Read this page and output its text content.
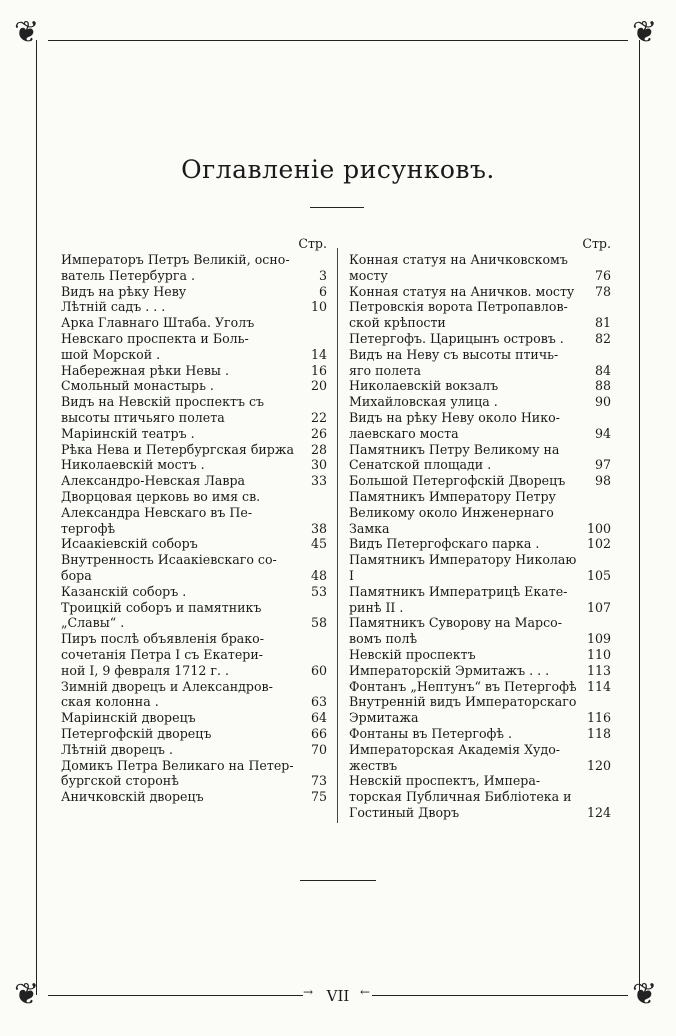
❦	❦
❦	❦
Оглавленіе рисунковъ.
Стр.
Императоръ Петръ Великій, осно-
ватель Петербурга .	3
Видъ на рѣку Неву	6
Лѣтній садъ . . .	10
Арка Главнаго Штаба. Уголъ
Невскаго проспекта и Боль-
шой Морской .	14
Набережная рѣки Невы .	16
Смольный монастырь .	20
Видъ на Невскій проспектъ съ
высоты птичьяго полета	22
Маріинскій театръ .	26
Рѣка Нева и Петербургская биржа	28
Николаевскій мостъ .	30
Александро-Невская Лавра	33
Дворцовая церковь во имя св.
Александра Невскаго въ Пе-
тергофѣ	38
Исаакіевскій соборъ	45
Внутренность Исаакіевскаго со-
бора	48
Казанскій соборъ .	53
Троицкій соборъ и памятникъ
„Славы“ .	58
Пиръ послѣ объявленія брако-
сочетанія Петра I съ Екатери-
ной I, 9 февраля 1712 г. .	60
Зимній дворецъ и Александров-
ская колонна .	63
Маріинскій дворецъ	64
Петергофскій дворецъ	66
Лѣтній дворецъ .	70
Домикъ Петра Великаго на Петер-
бургской сторонѣ	73
Аничковскій дворецъ	75
Стр.
Конная статуя на Аничковскомъ
мосту	76
Конная статуя на Аничков. мосту	78
Петровскія ворота Петропавлов-
ской крѣпости	81
Петергофъ. Царицынъ островъ .	82
Видъ на Неву съ высоты птичь-
яго полета	84
Николаевскій вокзалъ	88
Михайловская улица .	90
Видъ на рѣку Неву около Нико-
лаевскаго моста	94
Памятникъ Петру Великому на
Сенатской площади .	97
Большой Петергофскій Дворецъ	98
Памятникъ Императору Петру
Великому около Инженернаго
Замка	100
Видъ Петергофскаго парка .	102
Памятникъ Императору Николаю I	105
Памятникъ Императрицѣ Екате-
ринѣ II .	107
Памятникъ Суворову на Марсо-
вомъ полѣ	109
Невскій проспектъ	110
Императорскій Эрмитажъ . . .	113
Фонтанъ „Нептунъ“ въ Петергофѣ 114
Внутренній видъ Императорскаго
Эрмитажа	116
Фонтаны въ Петергофѣ .	118
Императорская Академія Худо-
жествъ	120
Невскій проспектъ, Импера-
торская Публичная Библіотека и
Гостиный Дворъ	124
→	←
VII
